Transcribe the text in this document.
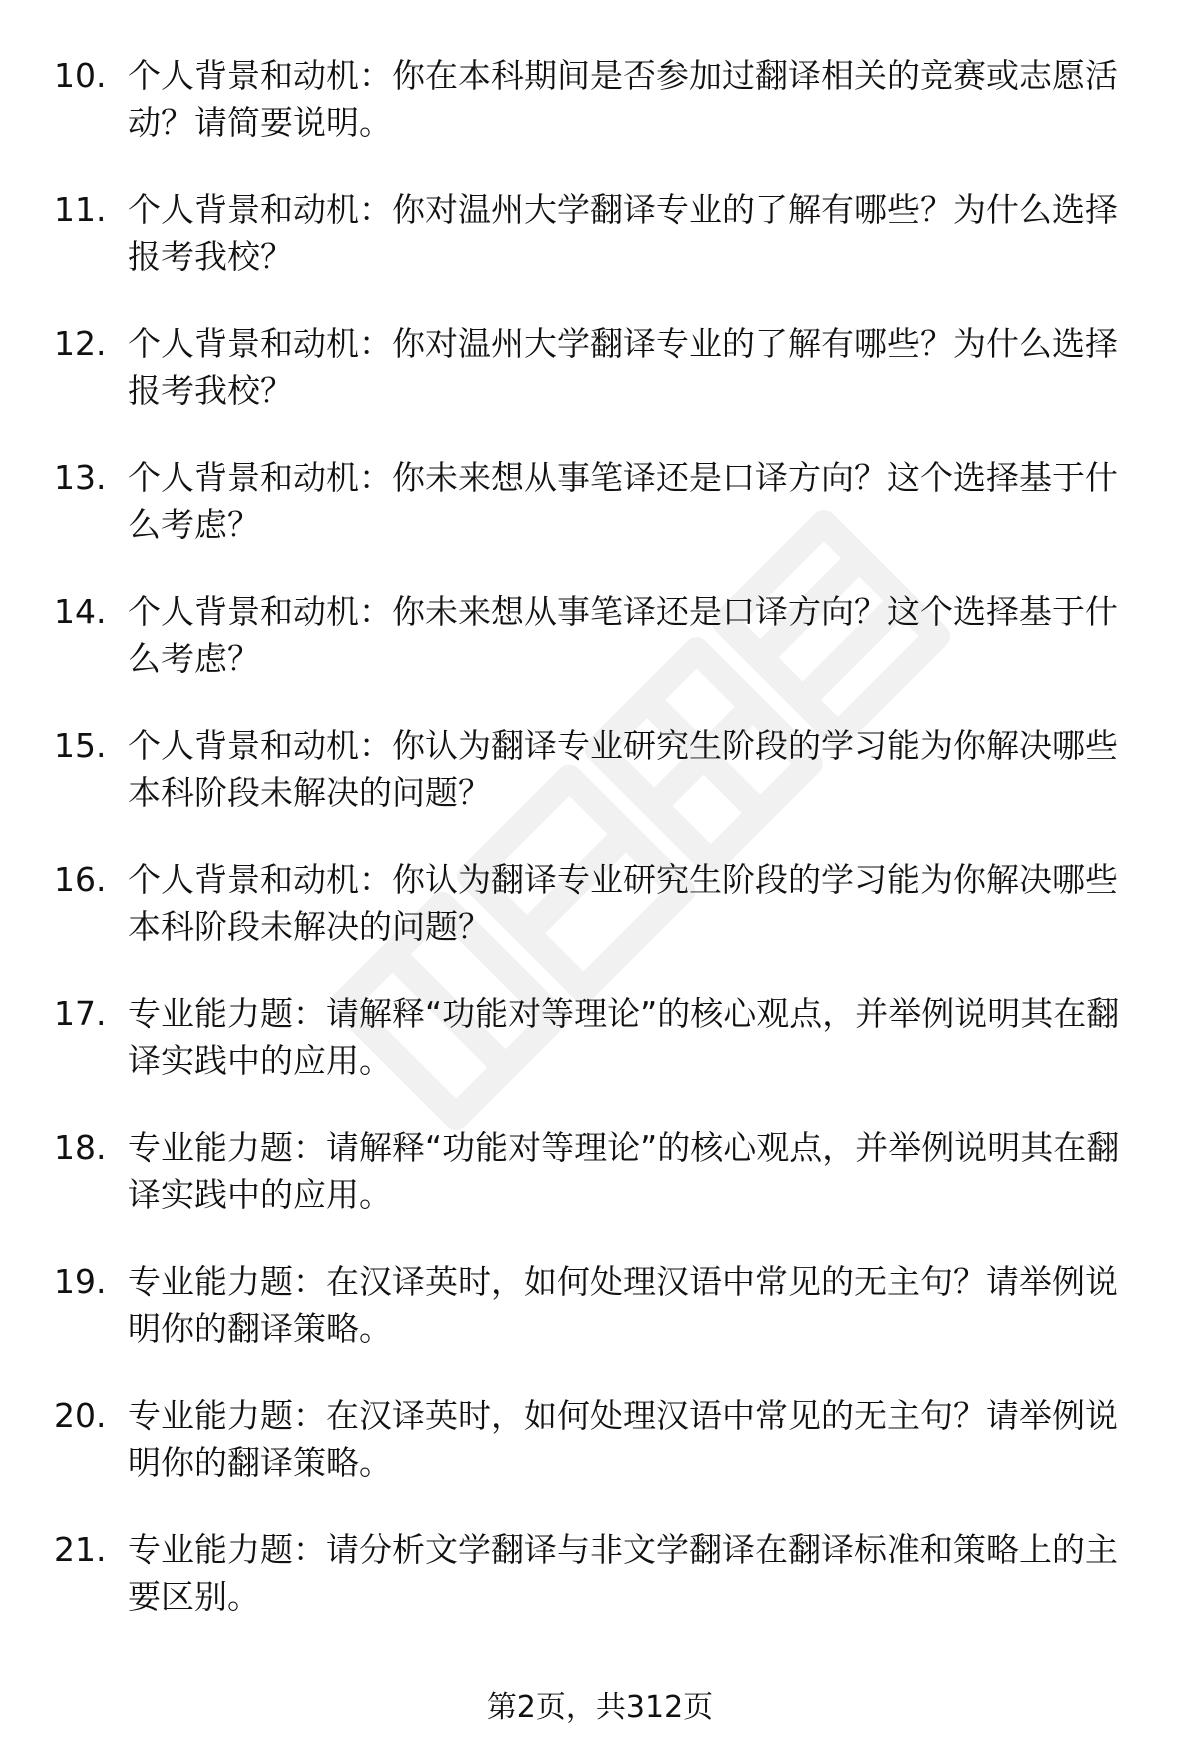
10. 个人背景和动机：你在本科期间是否参加过翻译相关的竞赛或志愿活动？请简要说明。
11. 个人背景和动机：你对温州大学翻译专业的了解有哪些？为什么选择报考我校？
12. 个人背景和动机：你对温州大学翻译专业的了解有哪些？为什么选择报考我校？
13. 个人背景和动机：你未来想从事笔译还是口译方向？这个选择基于什么考虑？
14. 个人背景和动机：你未来想从事笔译还是口译方向？这个选择基于什么考虑？
15. 个人背景和动机：你认为翻译专业研究生阶段的学习能为你解决哪些本科阶段未解决的问题？
16. 个人背景和动机：你认为翻译专业研究生阶段的学习能为你解决哪些本科阶段未解决的问题？
17. 专业能力题：请解释“功能对等理论”的核心观点，并举例说明其在翻译实践中的应用。
18. 专业能力题：请解释“功能对等理论”的核心观点，并举例说明其在翻译实践中的应用。
19. 专业能力题：在汉译英时，如何处理汉语中常见的无主句？请举例说明你的翻译策略。
20. 专业能力题：在汉译英时，如何处理汉语中常见的无主句？请举例说明你的翻译策略。
21. 专业能力题：请分析文学翻译与非文学翻译在翻译标准和策略上的主要区别。
第2页，共312页
